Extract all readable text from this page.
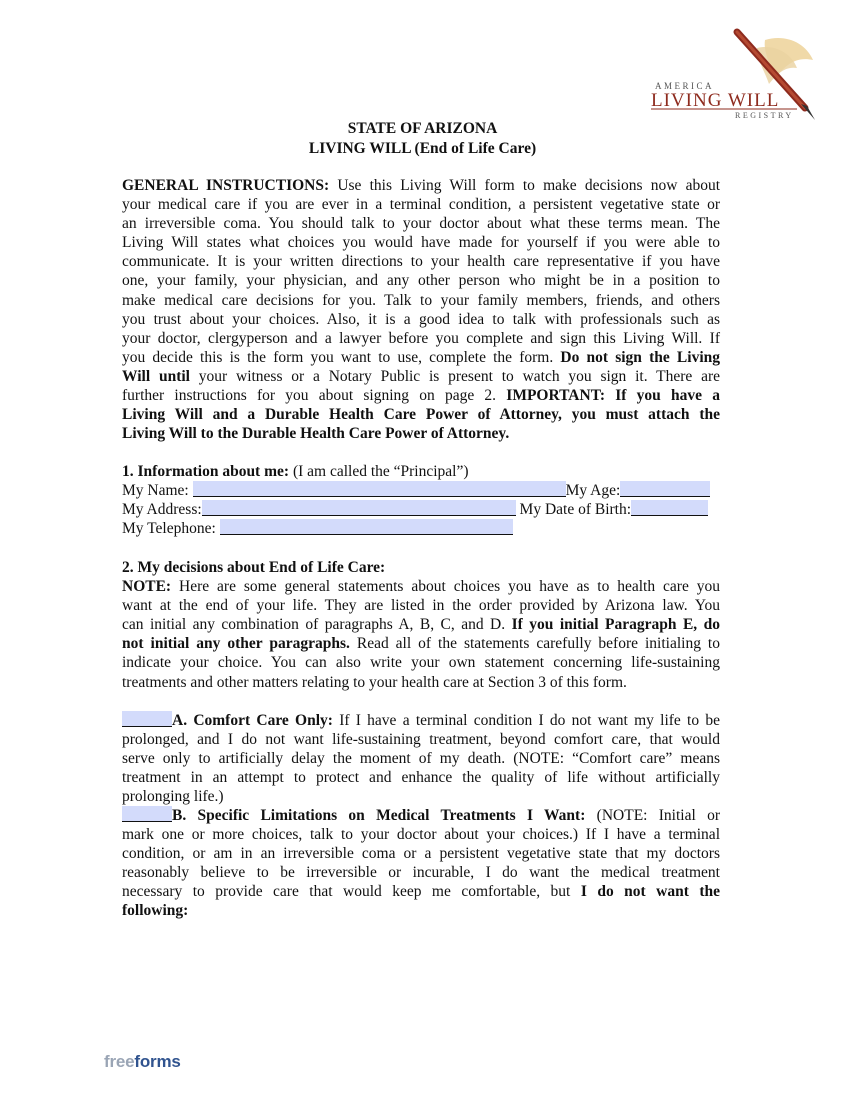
AMERICA
LIVING WILL
REGISTRY
STATE OF ARIZONA
LIVING WILL (End of Life Care)
GENERAL INSTRUCTIONS: Use this Living Will form to make decisions now about
your medical care if you are ever in a terminal condition, a persistent vegetative state or
an irreversible coma. You should talk to your doctor about what these terms mean. The
Living Will states what choices you would have made for yourself if you were able to
communicate. It is your written directions to your health care representative if you have
one, your family, your physician, and any other person who might be in a position to
make medical care decisions for you. Talk to your family members, friends, and others
you trust about your choices. Also, it is a good idea to talk with professionals such as
your doctor, clergyperson and a lawyer before you complete and sign this Living Will. If
you decide this is the form you want to use, complete the form. Do not sign the Living
Will until your witness or a Notary Public is present to watch you sign it. There are
further instructions for you about signing on page 2. IMPORTANT: If you have a
Living Will and a Durable Health Care Power of Attorney, you must attach the
Living Will to the Durable Health Care Power of Attorney.
1. Information about me: (I am called the “Principal”)
My Name:	My Age:
My Address:	My Date of Birth:
My Telephone:
2. My decisions about End of Life Care:
NOTE: Here are some general statements about choices you have as to health care you
want at the end of your life. They are listed in the order provided by Arizona law. You
can initial any combination of paragraphs A, B, C, and D. If you initial Paragraph E, do
not initial any other paragraphs. Read all of the statements carefully before initialing to
indicate your choice. You can also write your own statement concerning life-sustaining
treatments and other matters relating to your health care at Section 3 of this form.
A. Comfort Care Only: If I have a terminal condition I do not want my life to be
prolonged, and I do not want life-sustaining treatment, beyond comfort care, that would
serve only to artificially delay the moment of my death. (NOTE: “Comfort care” means
treatment in an attempt to protect and enhance the quality of life without artificially
prolonging life.)
B. Specific Limitations on Medical Treatments I Want: (NOTE: Initial or
mark one or more choices, talk to your doctor about your choices.) If I have a terminal
condition, or am in an irreversible coma or a persistent vegetative state that my doctors
reasonably believe to be irreversible or incurable, I do want the medical treatment
necessary to provide care that would keep me comfortable, but I do not want the
following:
freeforms
